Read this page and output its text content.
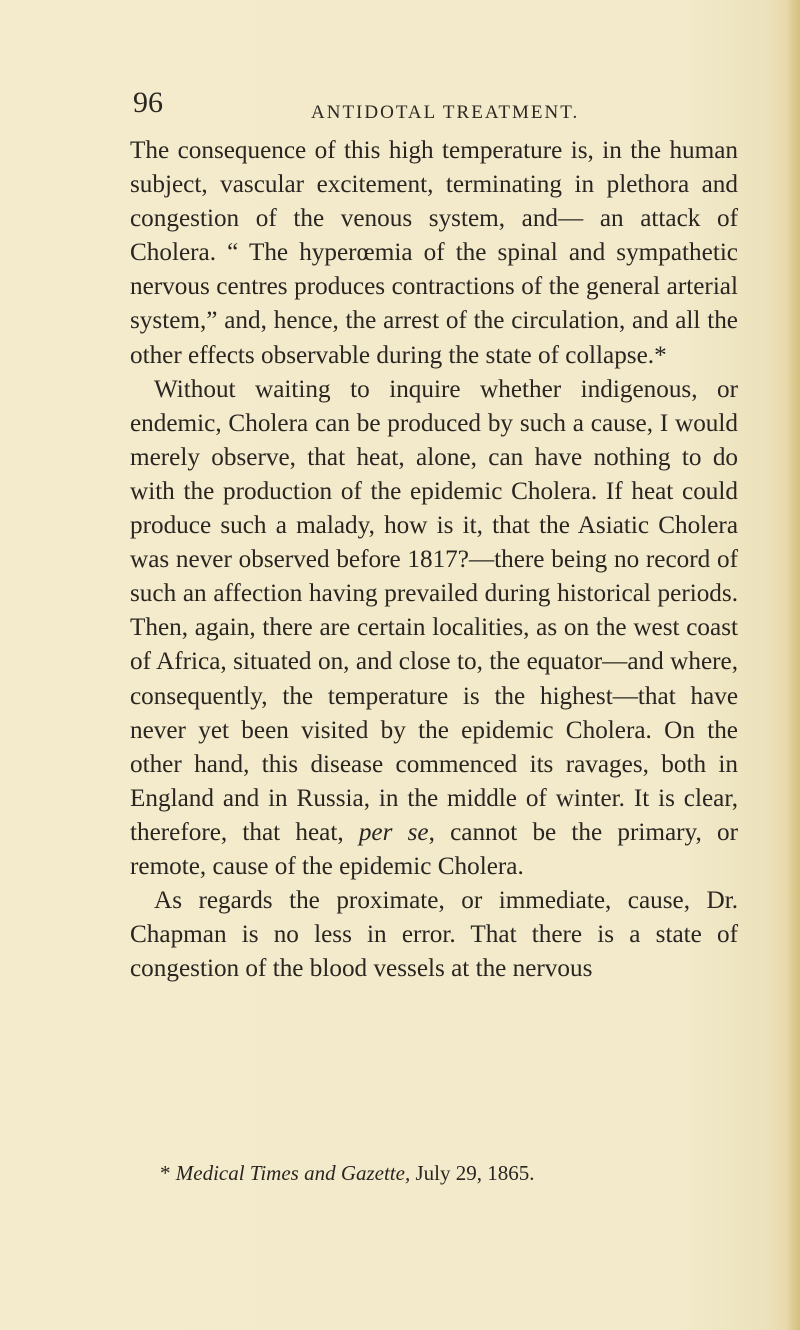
96	ANTIDOTAL TREATMENT.

The consequence of this high temperature is, in the human subject, vascular excitement, terminating in plethora and congestion of the venous system, and— an attack of Cholera. “ The hyperœmia of the spinal and sympathetic nervous centres produces contractions of the general arterial system,” and, hence, the arrest of the circulation, and all the other effects observable during the state of collapse.*

Without waiting to inquire whether indigenous, or endemic, Cholera can be produced by such a cause, I would merely observe, that heat, alone, can have nothing to do with the production of the epidemic Cholera. If heat could produce such a malady, how is it, that the Asiatic Cholera was never observed before 1817?—there being no record of such an affection having prevailed during historical periods. Then, again, there are certain localities, as on the west coast of Africa, situated on, and close to, the equator—and where, consequently, the temperature is the highest—that have never yet been visited by the epidemic Cholera. On the other hand, this disease commenced its ravages, both in England and in Russia, in the middle of winter. It is clear, therefore, that heat, per se, cannot be the primary, or remote, cause of the epidemic Cholera.

As regards the proximate, or immediate, cause, Dr. Chapman is no less in error. That there is a state of congestion of the blood vessels at the nervous

* Medical Times and Gazette, July 29, 1865.
